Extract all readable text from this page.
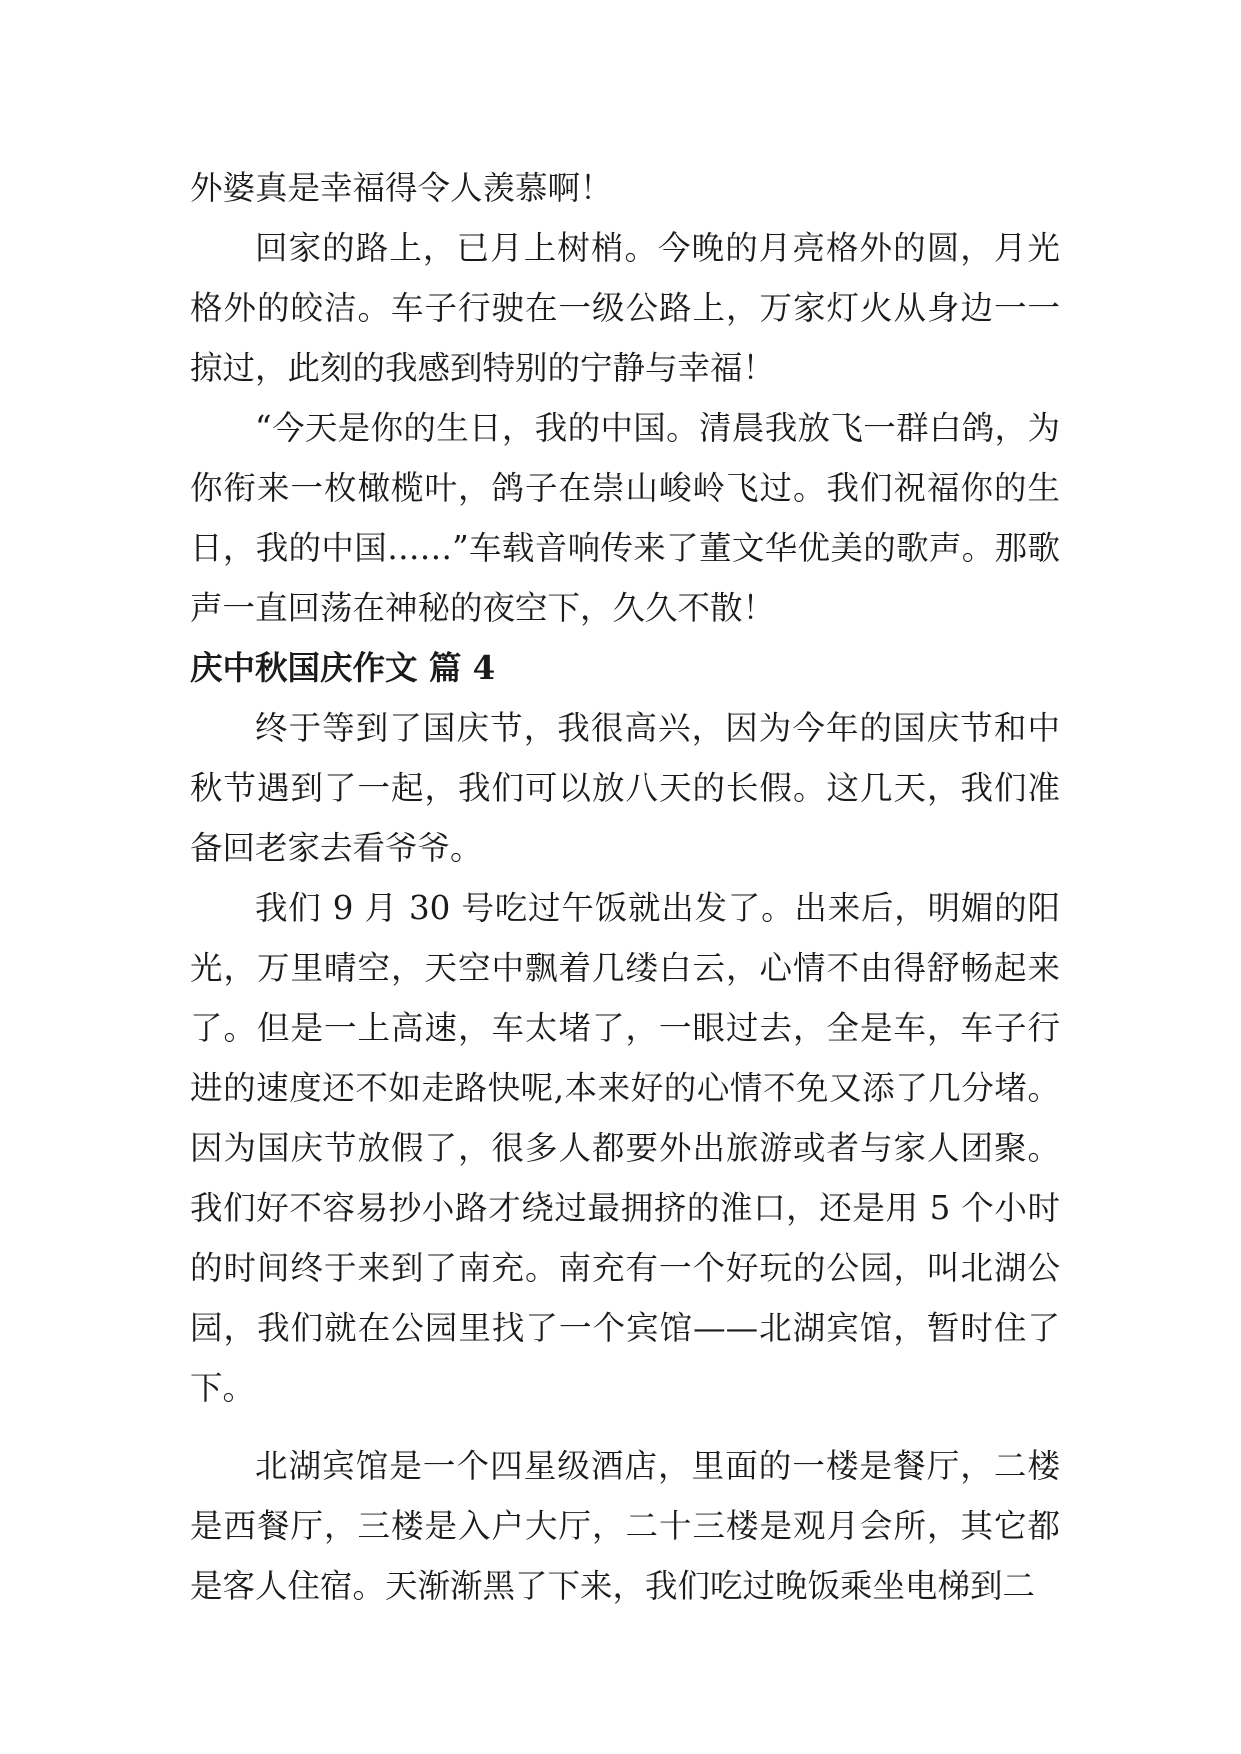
外婆真是幸福得令人羡慕啊！

回家的路上，已月上树梢。今晚的月亮格外的圆，月光格外的皎洁。车子行驶在一级公路上，万家灯火从身边一一掠过，此刻的我感到特别的宁静与幸福！

“今天是你的生日，我的中国。清晨我放飞一群白鸽，为你衔来一枚橄榄叶，鸽子在崇山峻岭飞过。我们祝福你的生日，我的中国……”车载音响传来了董文华优美的歌声。那歌声一直回荡在神秘的夜空下，久久不散！

庆中秋国庆作文 篇 4

终于等到了国庆节，我很高兴，因为今年的国庆节和中秋节遇到了一起，我们可以放八天的长假。这几天，我们准备回老家去看爷爷。

我们 9 月 30 号吃过午饭就出发了。出来后，明媚的阳光，万里晴空，天空中飘着几缕白云，心情不由得舒畅起来了。但是一上高速，车太堵了，一眼过去，全是车，车子行进的速度还不如走路快呢,本来好的心情不免又添了几分堵。因为国庆节放假了，很多人都要外出旅游或者与家人团聚。我们好不容易抄小路才绕过最拥挤的淮口，还是用 5 个小时的时间终于来到了南充。南充有一个好玩的公园，叫北湖公园，我们就在公园里找了一个宾馆——北湖宾馆，暂时住了下。

北湖宾馆是一个四星级酒店，里面的一楼是餐厅，二楼是西餐厅，三楼是入户大厅，二十三楼是观月会所，其它都是客人住宿。天渐渐黑了下来，我们吃过晚饭乘坐电梯到二
